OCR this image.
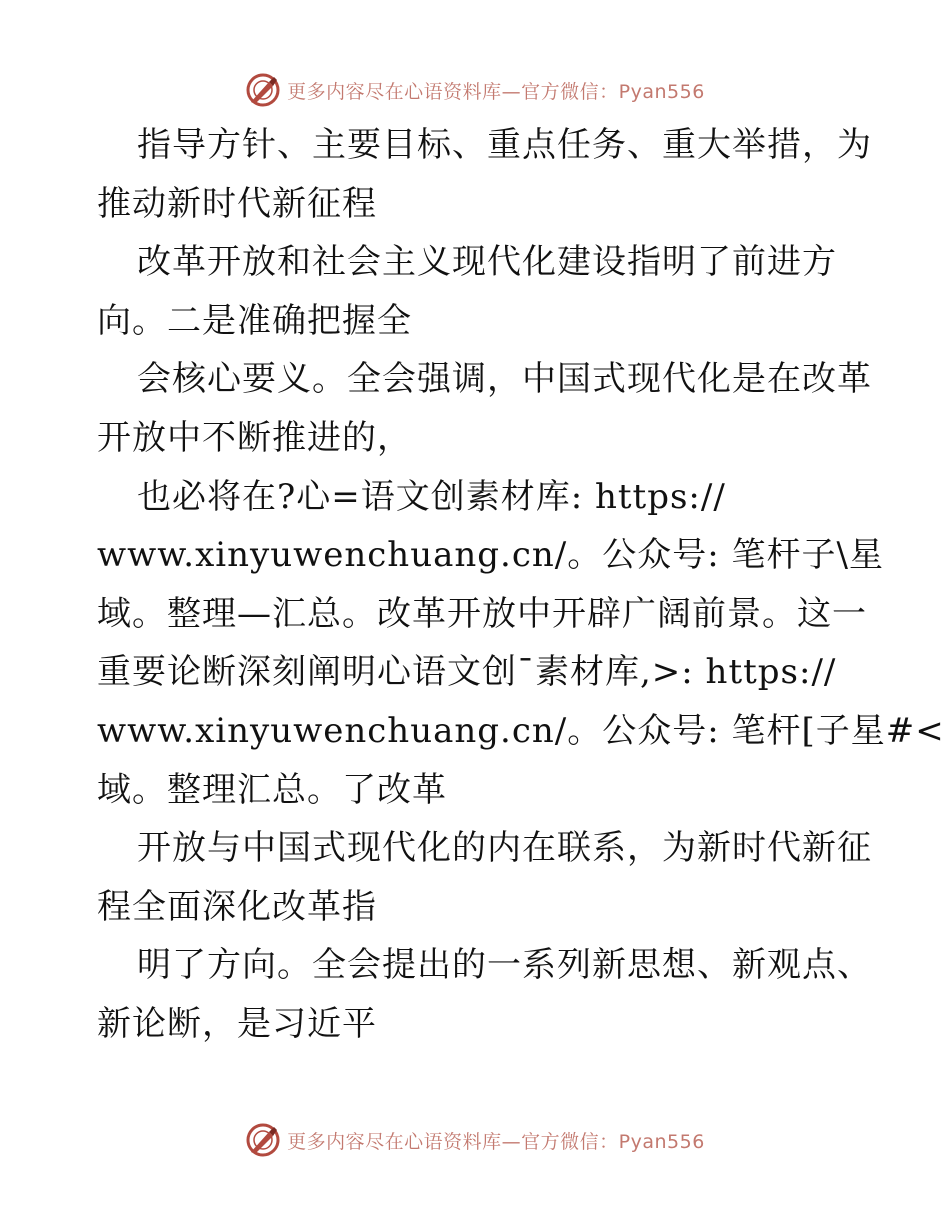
更多内容尽在心语资料库—官方微信：Pyan556
指导方针、主要目标、重点任务、重大举措，为
推动新时代新征程
改革开放和社会主义现代化建设指明了前进方
向。二是准确把握全
会核心要义。全会强调，中国式现代化是在改革
开放中不断推进的，
也必将在?心=语文创素材库: https://
www.xinyuwenchuang.cn/。公众号: 笔杆子\星
域。整理—汇总。改革开放中开辟广阔前景。这一
重要论断深刻阐明心语文创¯素材库,>: https://
www.xinyuwenchuang.cn/。公众号: 笔杆[子星#<
域。整理汇总。了改革
开放与中国式现代化的内在联系，为新时代新征
程全面深化改革指
明了方向。全会提出的一系列新思想、新观点、
新论断，是习近平
更多内容尽在心语资料库—官方微信：Pyan556
